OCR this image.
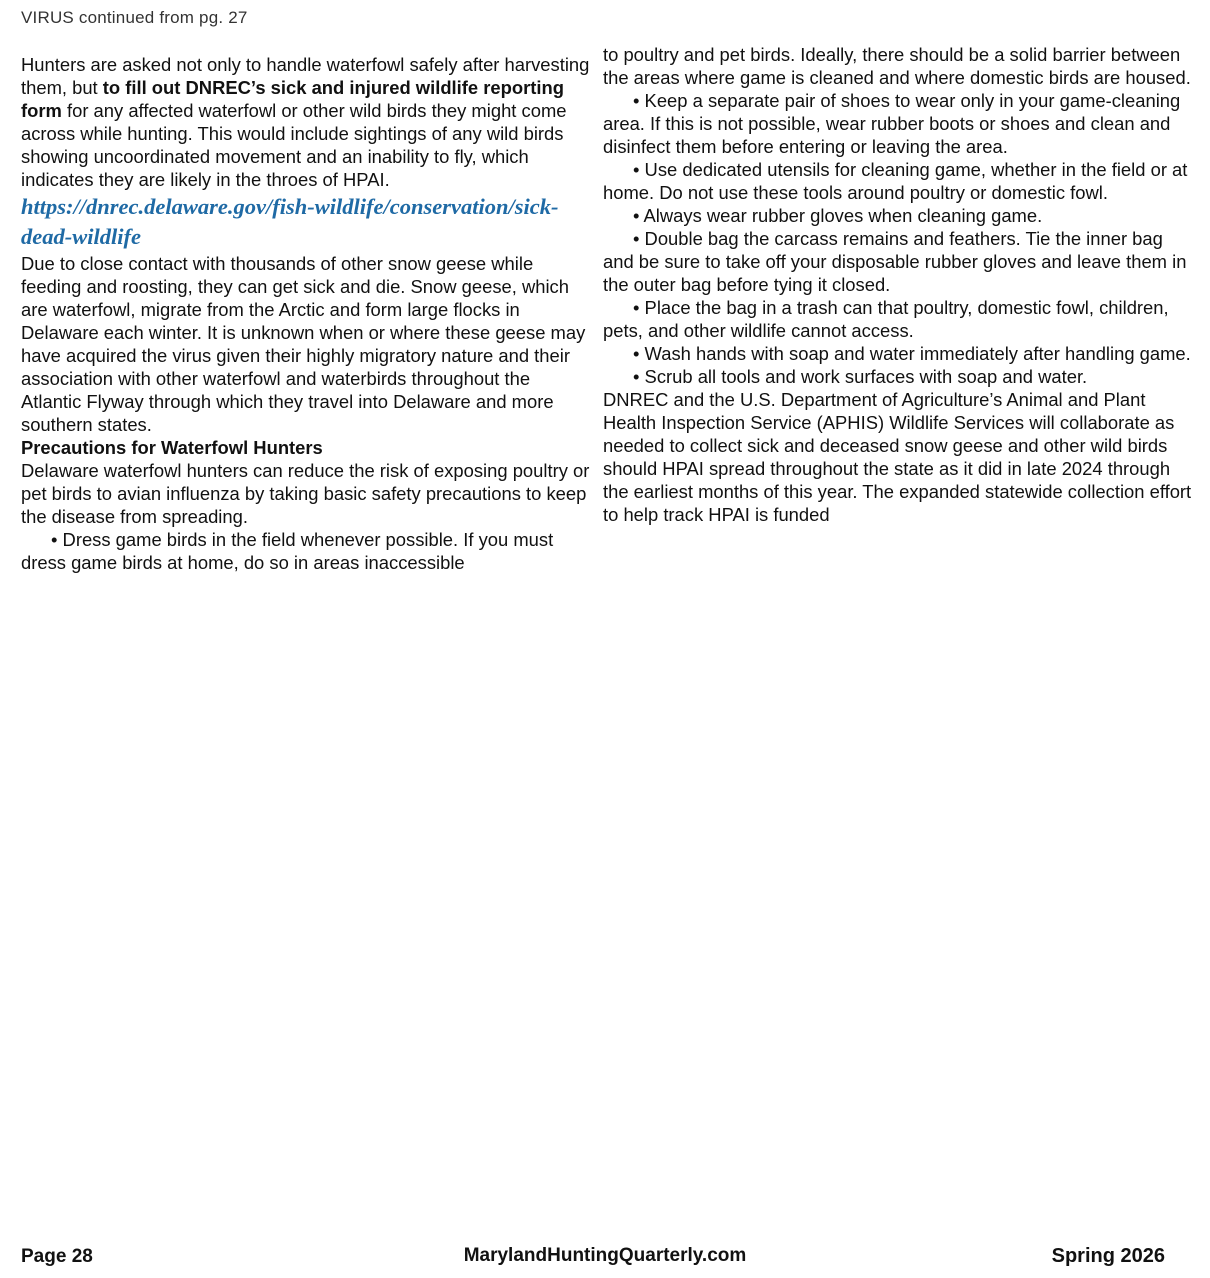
VIRUS continued from pg. 27

Hunters are asked not only to handle waterfowl safely after harvesting them, but to fill out DNREC’s sick and injured wildlife reporting form for any affected waterfowl or other wild birds they might come across while hunting. This would include sightings of any wild birds showing uncoordinated movement and an inability to fly, which indicates they are likely in the throes of HPAI.

https://dnrec.delaware.gov/fish-wildlife/conservation/sick-dead-wildlife

Due to close contact with thousands of other snow geese while feeding and roosting, they can get sick and die. Snow geese, which are waterfowl, migrate from the Arctic and form large flocks in Delaware each winter. It is unknown when or where these geese may have acquired the virus given their highly migratory nature and their association with other waterfowl and waterbirds throughout the Atlantic Flyway through which they travel into Delaware and more southern states.

Precautions for Waterfowl Hunters

Delaware waterfowl hunters can reduce the risk of exposing poultry or pet birds to avian influenza by taking basic safety precautions to keep the disease from spreading.

• Dress game birds in the field whenever possible. If you must dress game birds at home, do so in areas inaccessible

to poultry and pet birds. Ideally, there should be a solid barrier between the areas where game is cleaned and where domestic birds are housed.

• Keep a separate pair of shoes to wear only in your game-cleaning area. If this is not possible, wear rubber boots or shoes and clean and disinfect them before entering or leaving the area.

• Use dedicated utensils for cleaning game, whether in the field or at home. Do not use these tools around poultry or domestic fowl.

• Always wear rubber gloves when cleaning game.

• Double bag the carcass remains and feathers. Tie the inner bag and be sure to take off your disposable rubber gloves and leave them in the outer bag before tying it closed.

• Place the bag in a trash can that poultry, domestic fowl, children, pets, and other wildlife cannot access.

• Wash hands with soap and water immediately after handling game.

• Scrub all tools and work surfaces with soap and water.

DNREC and the U.S. Department of Agriculture’s Animal and Plant Health Inspection Service (APHIS) Wildlife Services will collaborate as needed to collect sick and deceased snow geese and other wild birds should HPAI spread throughout the state as it did in late 2024 through the earliest months of this year. The expanded statewide collection effort to help track HPAI is funded

Page 28	MarylandHuntingQuarterly.com	Spring 2026
